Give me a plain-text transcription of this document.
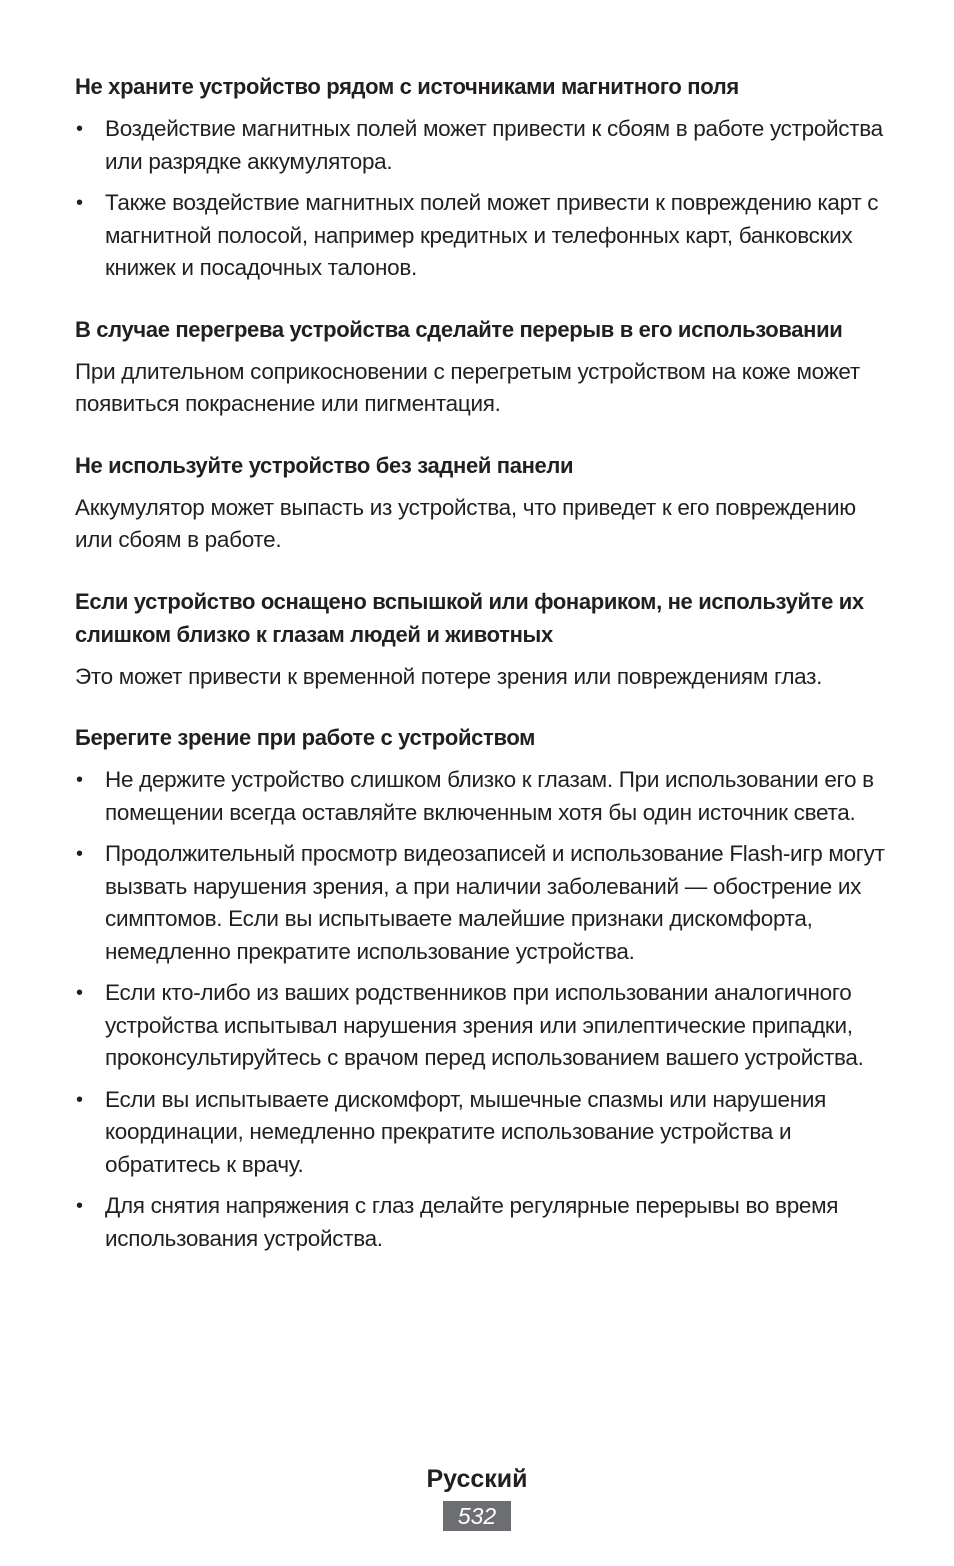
Не храните устройство рядом с источниками магнитного поля
• Воздействие магнитных полей может привести к сбоям в работе устройства или разрядке аккумулятора.
• Также воздействие магнитных полей может привести к повреждению карт с магнитной полосой, например кредитных и телефонных карт, банковских книжек и посадочных талонов.
В случае перегрева устройства сделайте перерыв в его использовании

При длительном соприкосновении с перегретым устройством на коже может появиться покраснение или пигментация.

Не используйте устройство без задней панели

Аккумулятор может выпасть из устройства, что приведет к его повреждению или сбоям в работе.

Если устройство оснащено вспышкой или фонариком, не используйте их слишком близко к глазам людей и животных

Это может привести к временной потере зрения или повреждениям глаз.

Берегите зрение при работе с устройством
• Не держите устройство слишком близко к глазам. При использовании его в помещении всегда оставляйте включенным хотя бы один источник света.
• Продолжительный просмотр видеозаписей и использование Flash-игр могут вызвать нарушения зрения, а при наличии заболеваний — обострение их симптомов. Если вы испытываете малейшие признаки дискомфорта, немедленно прекратите использование устройства.
• Если кто-либо из ваших родственников при использовании аналогичного устройства испытывал нарушения зрения или эпилептические припадки, проконсультируйтесь с врачом перед использованием вашего устройства.
• Если вы испытываете дискомфорт, мышечные спазмы или нарушения координации, немедленно прекратите использование устройства и обратитесь к врачу.
• Для снятия напряжения с глаз делайте регулярные перерывы во время использования устройства.
Русский
532
